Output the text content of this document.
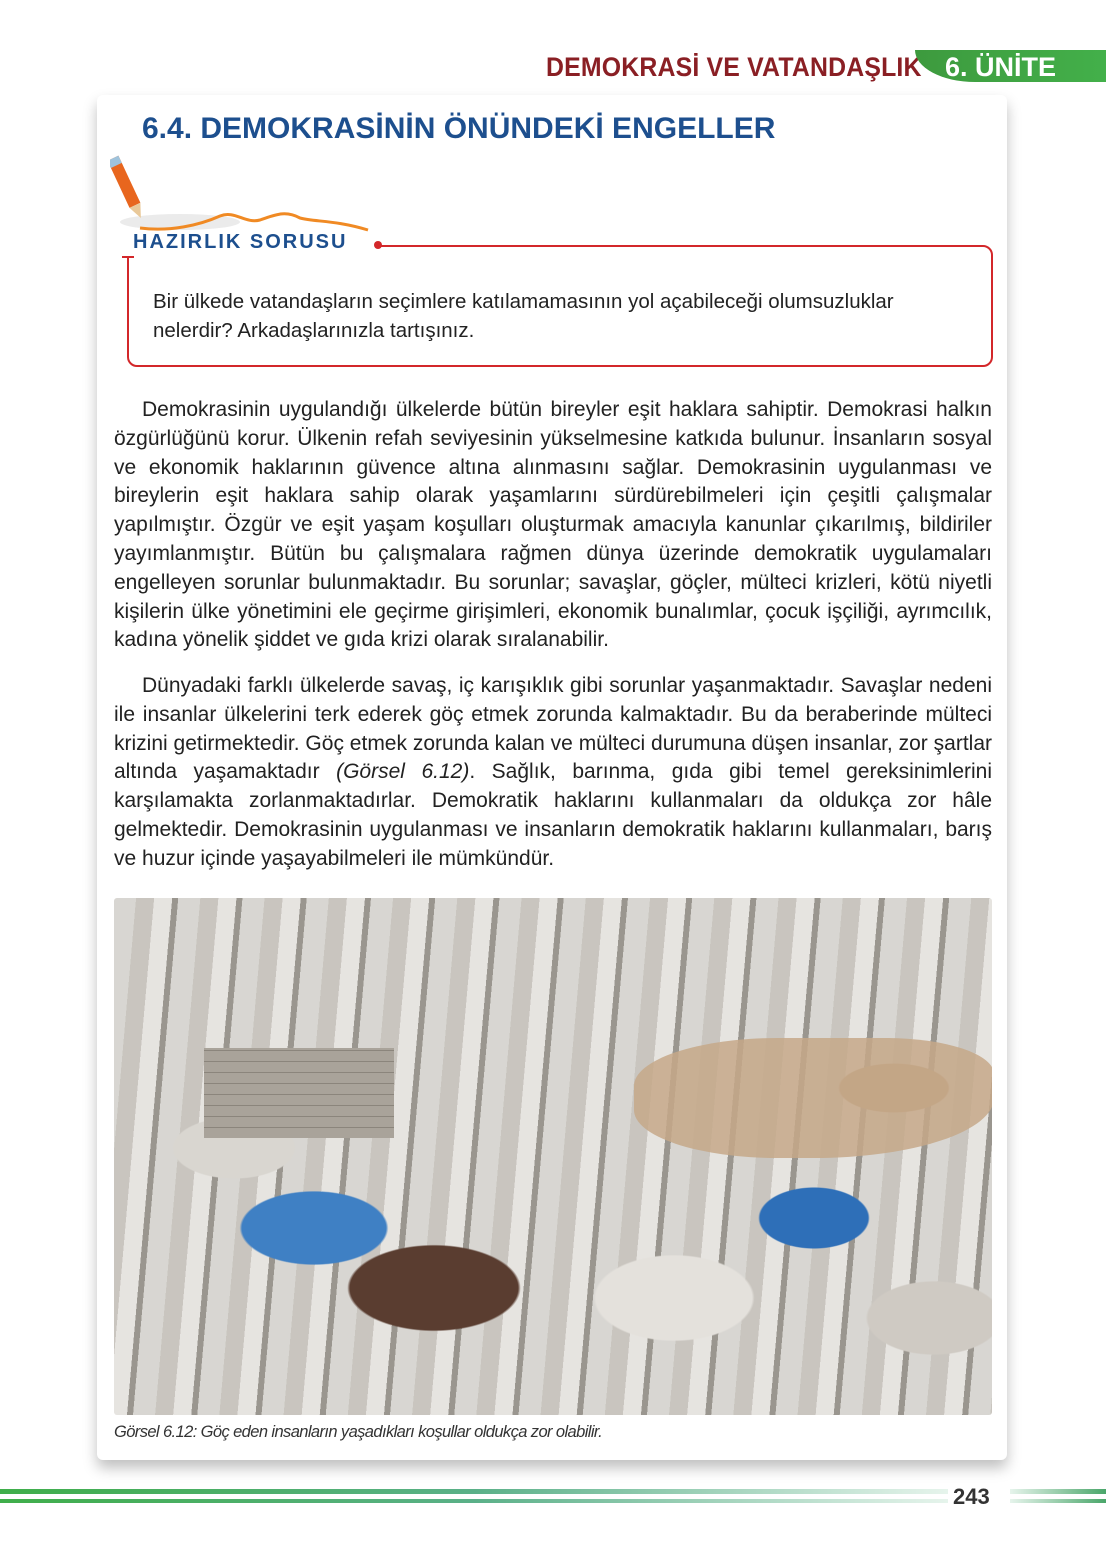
DEMOKRASİ VE VATANDAŞLIK 6. ÜNİTE
6.4. DEMOKRASİNİN ÖNÜNDEKİ ENGELLER
HAZIRLIK SORUSU
Bir ülkede vatandaşların seçimlere katılamamasının yol açabileceği olumsuzluklar nelerdir? Arkadaşlarınızla tartışınız.

Demokrasinin uygulandığı ülkelerde bütün bireyler eşit haklara sahiptir. Demokrasi halkın özgürlüğünü korur. Ülkenin refah seviyesinin yükselmesine katkıda bulunur. İnsanların sosyal ve ekonomik haklarının güvence altına alınmasını sağlar. Demokrasinin uygulanması ve bireylerin eşit haklara sahip olarak yaşamlarını sürdürebilmeleri için çeşitli çalışmalar yapılmıştır. Özgür ve eşit yaşam koşulları oluşturmak amacıyla kanunlar çıkarılmış, bildiriler yayımlanmıştır. Bütün bu çalışmalara rağmen dünya üzerinde demokratik uygulamaları engelleyen sorunlar bulunmaktadır. Bu sorunlar; savaşlar, göçler, mülteci krizleri, kötü niyetli kişilerin ülke yönetimini ele geçirme girişimleri, ekonomik bunalımlar, çocuk işçiliği, ayrımcılık, kadına yönelik şiddet ve gıda krizi olarak sıralanabilir.

Dünyadaki farklı ülkelerde savaş, iç karışıklık gibi sorunlar yaşanmaktadır. Savaşlar nedeni ile insanlar ülkelerini terk ederek göç etmek zorunda kalmaktadır. Bu da beraberinde mülteci krizini getirmektedir. Göç etmek zorunda kalan ve mülteci durumuna düşen insanlar, zor şartlar altında yaşamaktadır (Görsel 6.12). Sağlık, barınma, gıda gibi temel gereksinimlerini karşılamakta zorlanmaktadırlar. Demokratik haklarını kullanmaları da oldukça zor hâle gelmektedir. Demokrasinin uygulanması ve insanların demokratik haklarını kullanmaları, barış ve huzur içinde yaşayabilmeleri ile mümkündür.

Görsel 6.12: Göç eden insanların yaşadıkları koşullar oldukça zor olabilir.
243
